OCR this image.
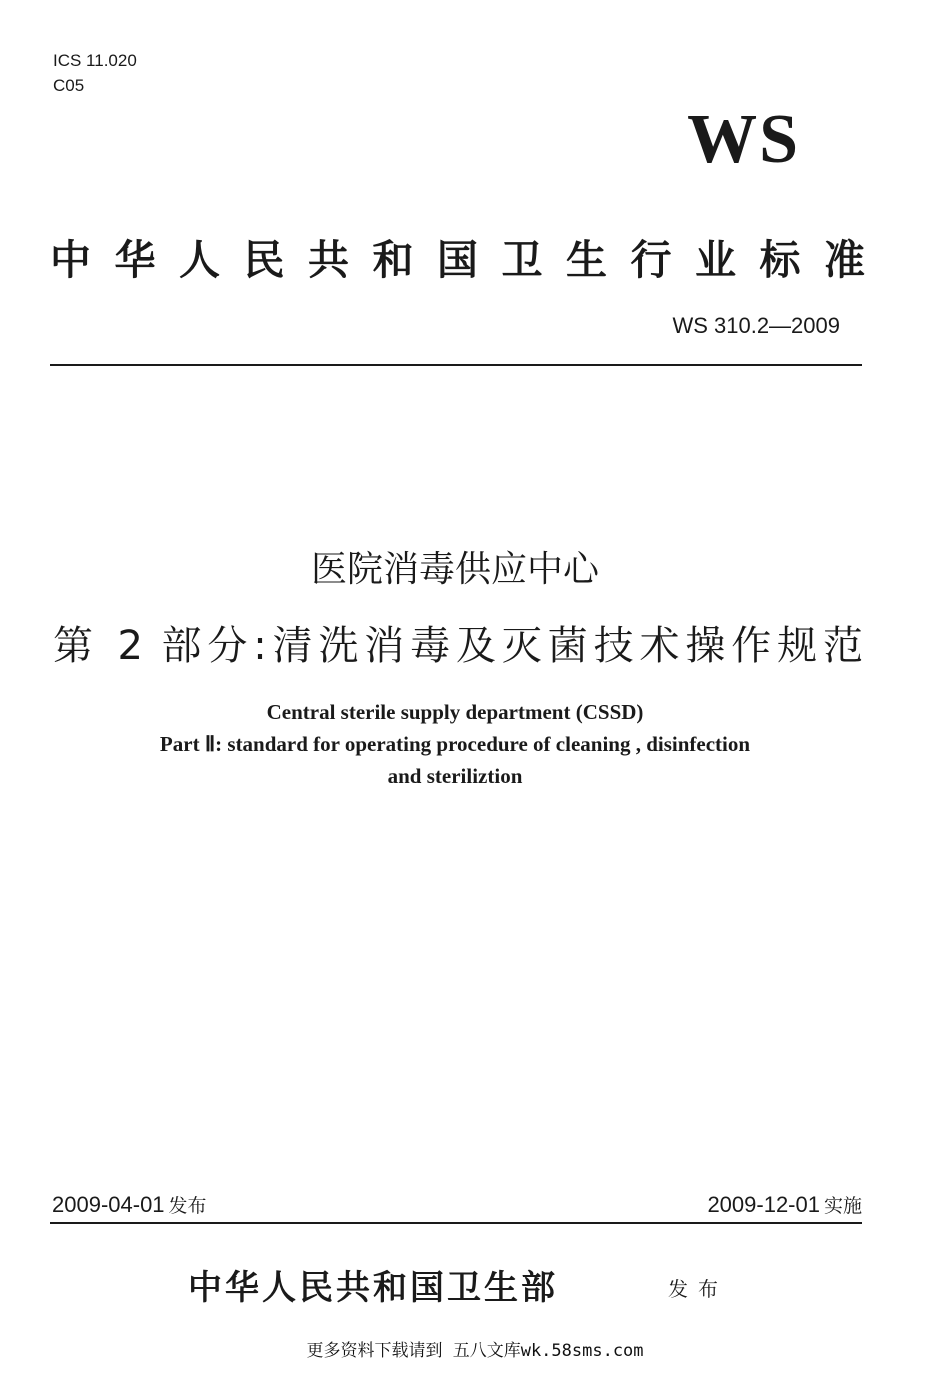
ICS 11.020
C05
WS
中华人民共和国卫生行业标准
WS 310.2—2009
医院消毒供应中心
第 2 部分:清洗消毒及灭菌技术操作规范
Central sterile supply department (CSSD)
Part Ⅱ: standard for operating procedure of cleaning , disinfection
and steriliztion
2009-04-01 发布	2009-12-01 实施
中华人民共和国卫生部	发布
更多资料下载请到 五八文库wk.58sms.com
